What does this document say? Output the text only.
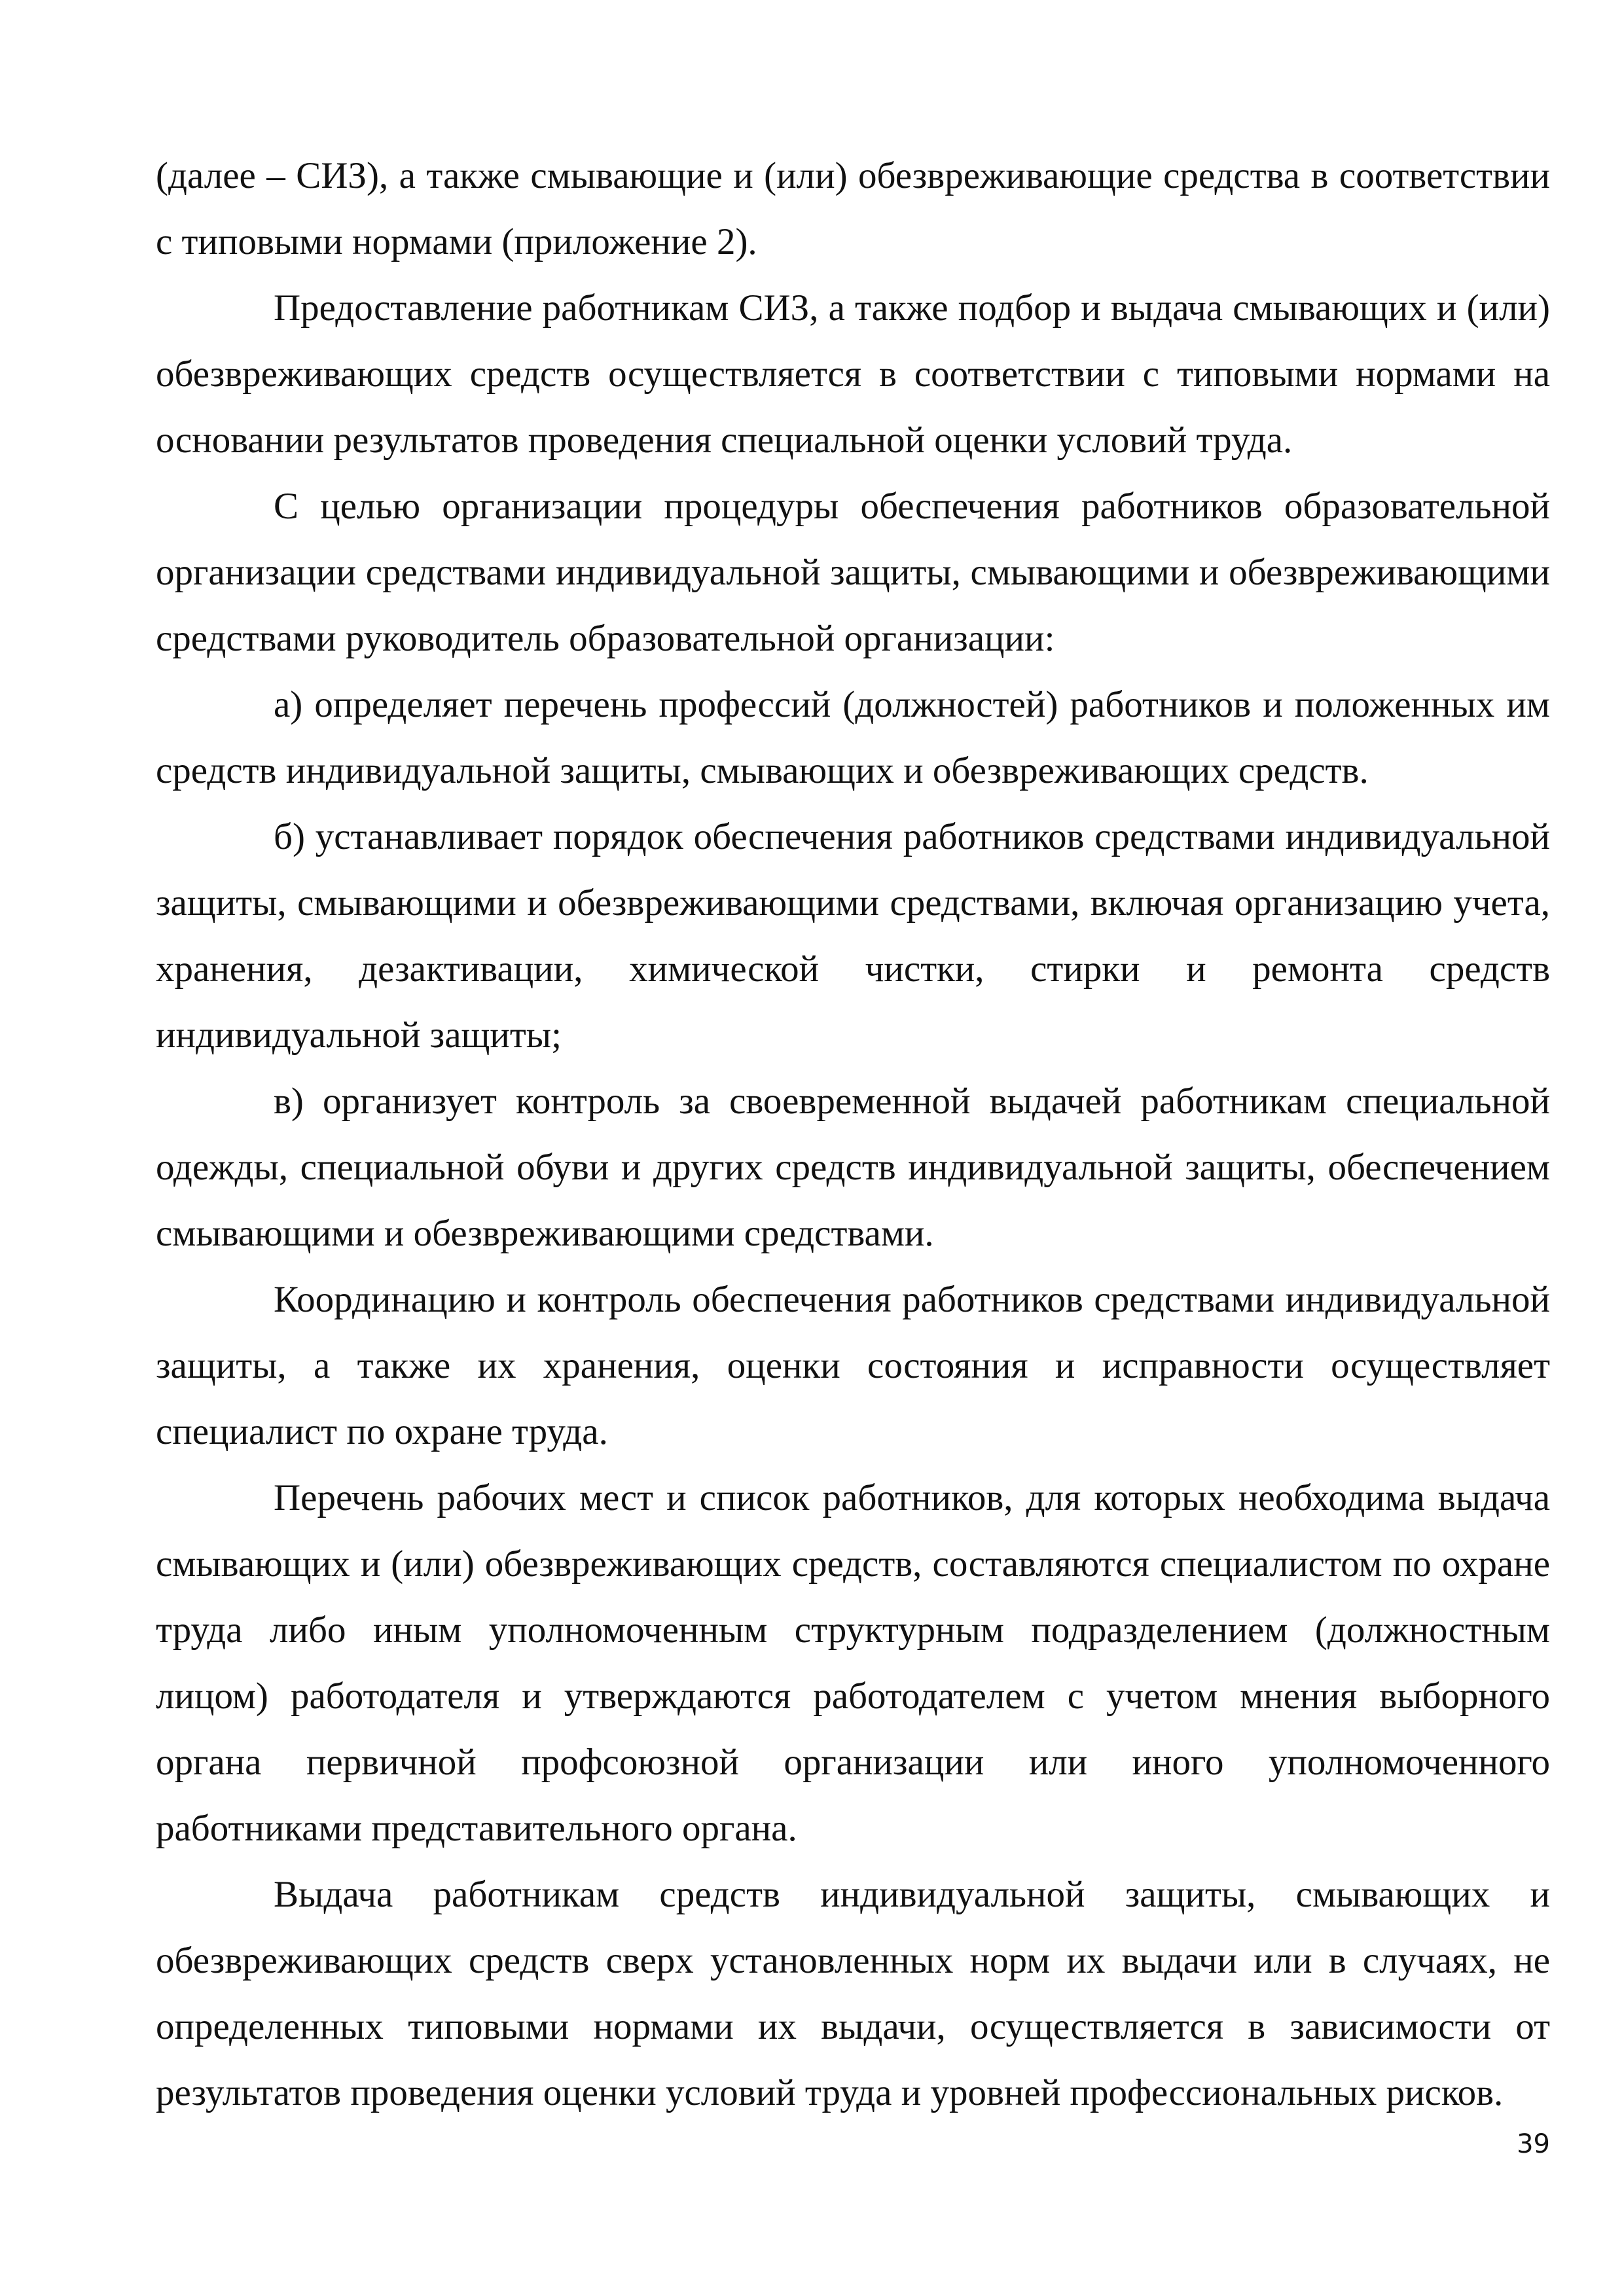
(далее – СИЗ), а также смывающие и (или) обезвреживающие средства в соответствии с типовыми нормами (приложение 2).

Предоставление работникам СИЗ, а также подбор и выдача смывающих и (или) обезвреживающих средств осуществляется в соответствии с типовыми нормами на основании результатов проведения специальной оценки условий труда.

С целью организации процедуры обеспечения работников образовательной организации средствами индивидуальной защиты, смывающими и обезвреживающими средствами руководитель образовательной организации:

а) определяет перечень профессий (должностей) работников и положенных им средств индивидуальной защиты, смывающих и обезвреживающих средств.

б) устанавливает порядок обеспечения работников средствами индивидуальной защиты, смывающими и обезвреживающими средствами, включая организацию учета, хранения, дезактивации, химической чистки, стирки и ремонта средств индивидуальной защиты;

в) организует контроль за своевременной выдачей работникам специальной одежды, специальной обуви и других средств индивидуальной защиты, обеспечением смывающими и обезвреживающими средствами.

Координацию и контроль обеспечения работников средствами индивидуальной защиты, а также их хранения, оценки состояния и исправности осуществляет специалист по охране труда.

Перечень рабочих мест и список работников, для которых необходима выдача смывающих и (или) обезвреживающих средств, составляются специалистом по охране труда либо иным уполномоченным структурным подразделением (должностным лицом) работодателя и утверждаются работодателем с учетом мнения выборного органа первичной профсоюзной организации или иного уполномоченного работниками представительного органа.

Выдача работникам средств индивидуальной защиты, смывающих и обезвреживающих средств сверх установленных норм их выдачи или в случаях, не определенных типовыми нормами их выдачи, осуществляется в зависимости от результатов проведения оценки условий труда и уровней профессиональных рисков.

39
